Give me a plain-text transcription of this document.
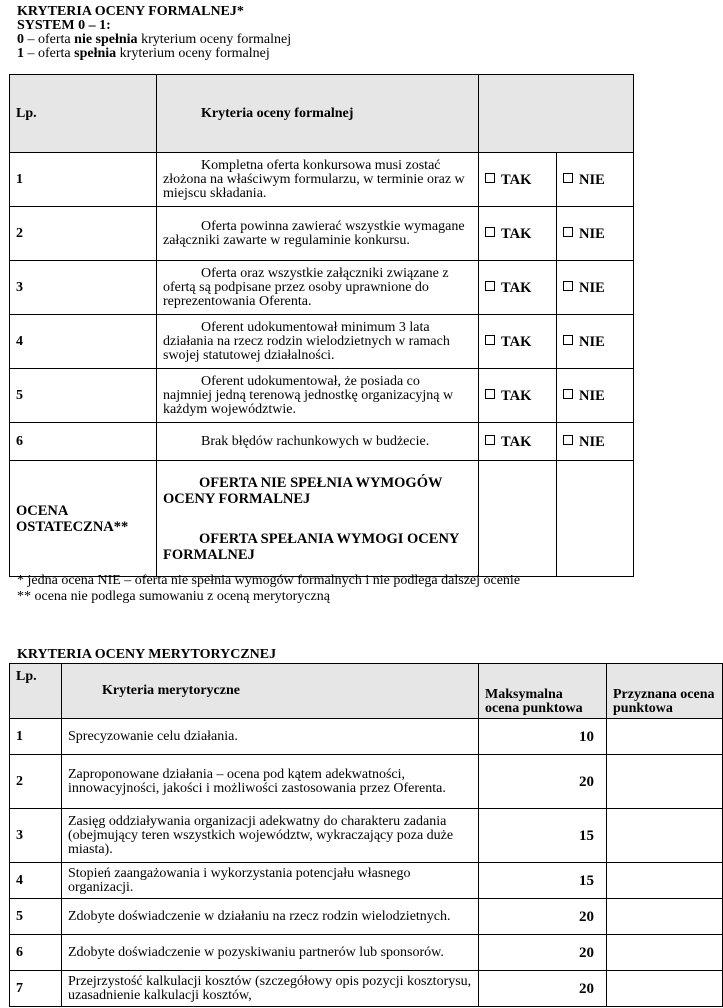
KRYTERIA OCENY FORMALNEJ*
SYSTEM 0 – 1:
0 – oferta nie spełnia kryterium oceny formalnej
1 – oferta spełnia kryterium oceny formalnej
Lp.	Kryteria oceny formalnej		
1	Kompletna oferta konkursowa musi zostać złożona na właściwym formularzu, w terminie oraz w miejscu składania.	TAK	NIE
2	Oferta powinna zawierać wszystkie wymagane załączniki zawarte w regulaminie konkursu.	TAK	NIE
3	Oferta oraz wszystkie załączniki związane z ofertą są podpisane przez osoby uprawnione do reprezentowania Oferenta.	TAK	NIE
4	Oferent udokumentował minimum 3 lata działania na rzecz rodzin wielodzietnych w ramach swojej statutowej działalności.	TAK	NIE
5	Oferent udokumentował, że posiada co najmniej jedną terenową jednostkę organizacyjną w każdym województwie.	TAK	NIE
6	Brak błędów rachunkowych w budżecie.	TAK	NIE
OCENA OSTATECZNA**	OFERTA NIE SPEŁNIA WYMOGÓW OCENY FORMALNEJ
OFERTA SPEŁANIA WYMOGI OCENY FORMALNEJ		

* jedna ocena NIE – oferta nie spełnia wymogów formalnych i nie podlega dalszej ocenie
** ocena nie podlega sumowaniu z oceną merytoryczną
KRYTERIA OCENY MERYTORYCZNEJ
Lp.	Kryteria merytoryczne	Maksymalna ocena punktowa	Przyznana ocena punktowa
1	Sprecyzowanie celu działania.	10	
2	Zaproponowane działania – ocena pod kątem adekwatności, innowacyjności, jakości i możliwości zastosowania przez Oferenta.	20	
3	Zasięg oddziaływania organizacji adekwatny do charakteru zadania (obejmujący teren wszystkich województw, wykraczający poza duże miasta).	15	
4	Stopień zaangażowania i wykorzystania potencjału własnego organizacji.	15	
5	Zdobyte doświadczenie w działaniu na rzecz rodzin wielodzietnych.	20	
6	Zdobyte doświadczenie w pozyskiwaniu partnerów lub sponsorów.	20	
7	Przejrzystość kalkulacji kosztów (szczegółowy opis pozycji kosztorysu, uzasadnienie kalkulacji kosztów,	20	
